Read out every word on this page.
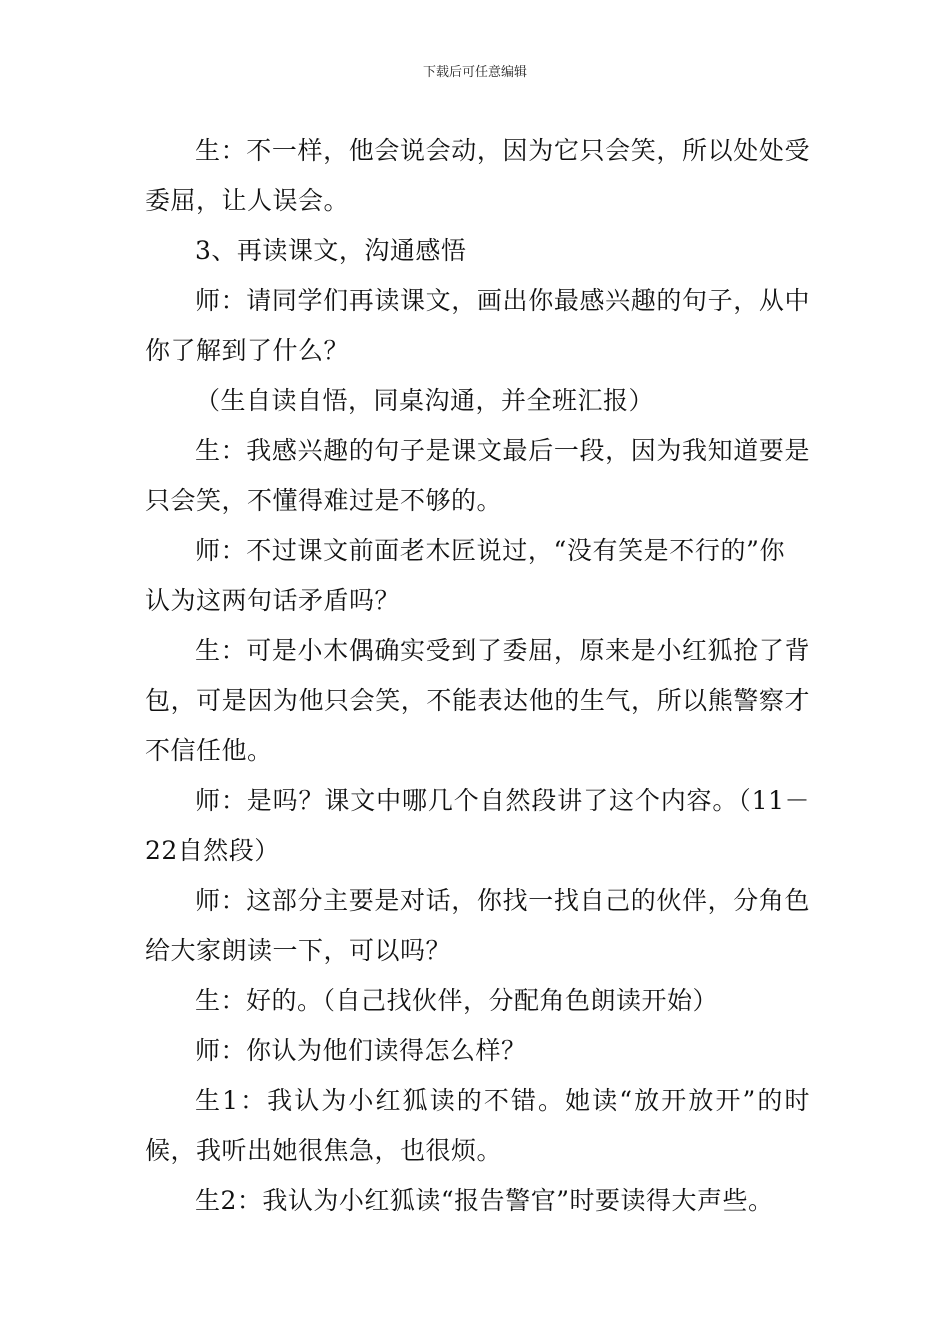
下载后可任意编辑

生：不一样，他会说会动，因为它只会笑，所以处处受委屈，让人误会。

3、再读课文，沟通感悟

师：请同学们再读课文，画出你最感兴趣的句子，从中你了解到了什么？

（生自读自悟，同桌沟通，并全班汇报）

生：我感兴趣的句子是课文最后一段，因为我知道要是只会笑，不懂得难过是不够的。

师：不过课文前面老木匠说过，“没有笑是不行的”你认为这两句话矛盾吗？

生：可是小木偶确实受到了委屈，原来是小红狐抢了背包，可是因为他只会笑，不能表达他的生气，所以熊警察才不信任他。

师：是吗？课文中哪几个自然段讲了这个内容。（11－22自然段）

师：这部分主要是对话，你找一找自己的伙伴，分角色给大家朗读一下，可以吗？

生：好的。（自己找伙伴，分配角色朗读开始）

师：你认为他们读得怎么样？

生1：我认为小红狐读的不错。她读“放开放开”的时候，我听出她很焦急，也很烦。

生2：我认为小红狐读“报告警官”时要读得大声些。
